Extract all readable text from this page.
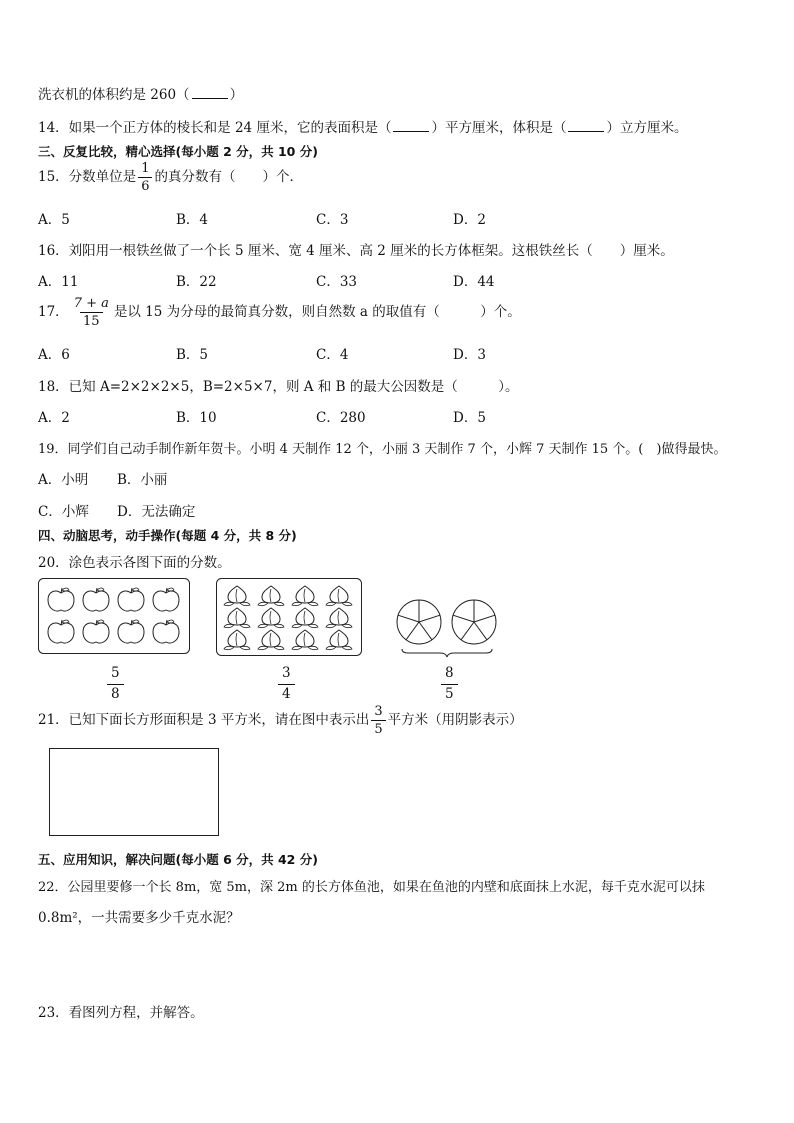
洗衣机的体积约是 260（	）
14．如果一个正方体的棱长和是 24 厘米，它的表面积是（	）平方厘米，体积是（	）立方厘米。
三、反复比较，精心选择(每小题 2 分，共 10 分)
15．分数单位是 $\frac{1}{6}$ 的真分数有（　　）个．
A．5	B．4	C．3	D．2
16．刘阳用一根铁丝做了一个长 5 厘米、宽 4 厘米、高 2 厘米的长方体框架。这根铁丝长（　　）厘米。
A．11	B．22	C．33	D．44
17． $\frac{7 + a}{15}$ 是以 15 为分母的最简真分数，则自然数 a 的取值有（　　　）个。
A．6	B．5	C．4	D．3
18．已知 A=2×2×2×5，B=2×5×7，则 A 和 B 的最大公因数是（　　　）。
A．2	B．10	C．280	D．5
19．同学们自己动手制作新年贺卡。小明 4 天制作 12 个，小丽 3 天制作 7 个，小辉 7 天制作 15 个。(　)做得最快。
A．小明 B．小丽
C．小辉 D．无法确定
四、动脑思考，动手操作(每题 4 分，共 8 分)
20．涂色表示各图下面的分数。
5
8
3
4
8
5
21．已知下面长方形面积是 3 平方米，请在图中表示出 $\frac{3}{5}$ 平方米（用阴影表示）
五、应用知识，解决问题(每小题 6 分，共 42 分)
22．公园里要修一个长 8m，宽 5m，深 2m 的长方体鱼池，如果在鱼池的内壁和底面抹上水泥，每千克水泥可以抹
0.8m²，一共需要多少千克水泥？
23．看图列方程，并解答。
